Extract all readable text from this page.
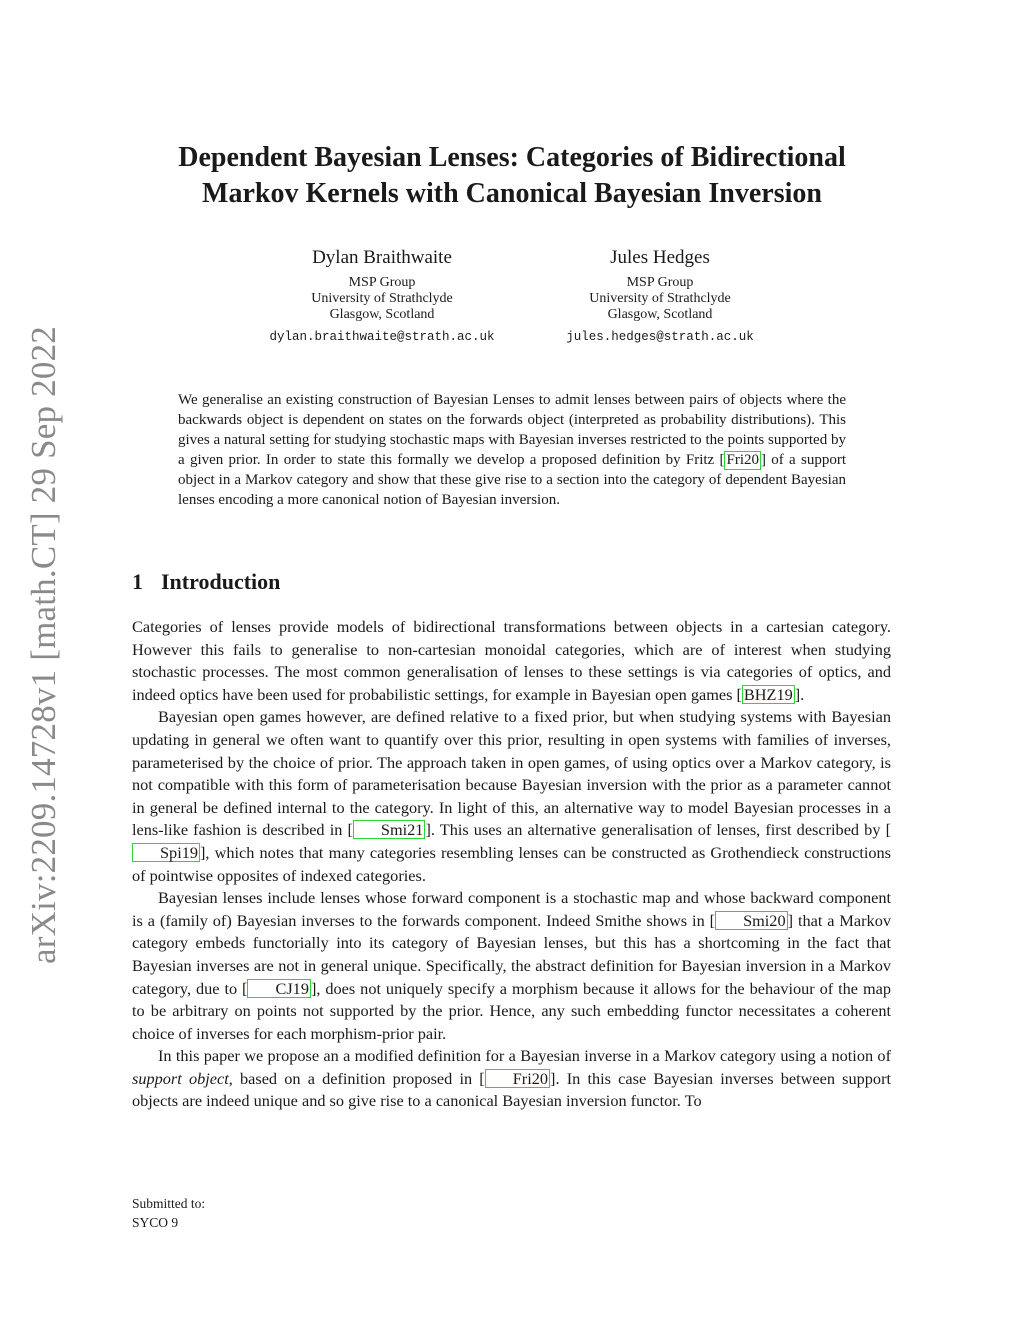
arXiv:2209.14728v1 [math.CT] 29 Sep 2022
Dependent Bayesian Lenses: Categories of Bidirectional
Markov Kernels with Canonical Bayesian Inversion
Dylan Braithwaite
MSP Group
University of Strathclyde
Glasgow, Scotland
dylan.braithwaite@strath.ac.uk
Jules Hedges
MSP Group
University of Strathclyde
Glasgow, Scotland
jules.hedges@strath.ac.uk

We generalise an existing construction of Bayesian Lenses to admit lenses between pairs of objects where the backwards object is dependent on states on the forwards object (interpreted as probability distributions). This gives a natural setting for studying stochastic maps with Bayesian inverses restricted to the points supported by a given prior. In order to state this formally we develop a proposed definition by Fritz [ Fri20 ] of a support object in a Markov category and show that these give rise to a section into the category of dependent Bayesian lenses encoding a more canonical notion of Bayesian inversion.

1 Introduction

Categories of lenses provide models of bidirectional transformations between objects in a cartesian category. However this fails to generalise to non-cartesian monoidal categories, which are of interest when studying stochastic processes. The most common generalisation of lenses to these settings is via categories of optics, and indeed optics have been used for probabilistic settings, for example in Bayesian open games [ BHZ19 ].

Bayesian open games however, are defined relative to a fixed prior, but when studying systems with Bayesian updating in general we often want to quantify over this prior, resulting in open systems with families of inverses, parameterised by the choice of prior. The approach taken in open games, of using optics over a Markov category, is not compatible with this form of parameterisation because Bayesian inversion with the prior as a parameter cannot in general be defined internal to the category. In light of this, an alternative way to model Bayesian processes in a lens-like fashion is described in [ Smi21 ]. This uses an alternative generalisation of lenses, first described by [Spi19 ], which notes that many categories resembling lenses can be constructed as Grothendieck constructions of pointwise opposites of indexed categories.

Bayesian lenses include lenses whose forward component is a stochastic map and whose backward component is a (family of) Bayesian inverses to the forwards component. Indeed Smithe shows in [ Smi20 ] that a Markov category embeds functorially into its category of Bayesian lenses, but this has a shortcoming in the fact that Bayesian inverses are not in general unique. Specifically, the abstract definition for Bayesian inversion in a Markov category, due to [ CJ19 ], does not uniquely specify a morphism because it allows for the behaviour of the map to be arbitrary on points not supported by the prior. Hence, any such embedding functor necessitates a coherent choice of inverses for each morphism-prior pair.

In this paper we propose an a modified definition for a Bayesian inverse in a Markov category using a notion of support object, based on a definition proposed in [ Fri20 ]. In this case Bayesian inverses between support objects are indeed unique and so give rise to a canonical Bayesian inversion functor. To

Submitted to:
SYCO 9
